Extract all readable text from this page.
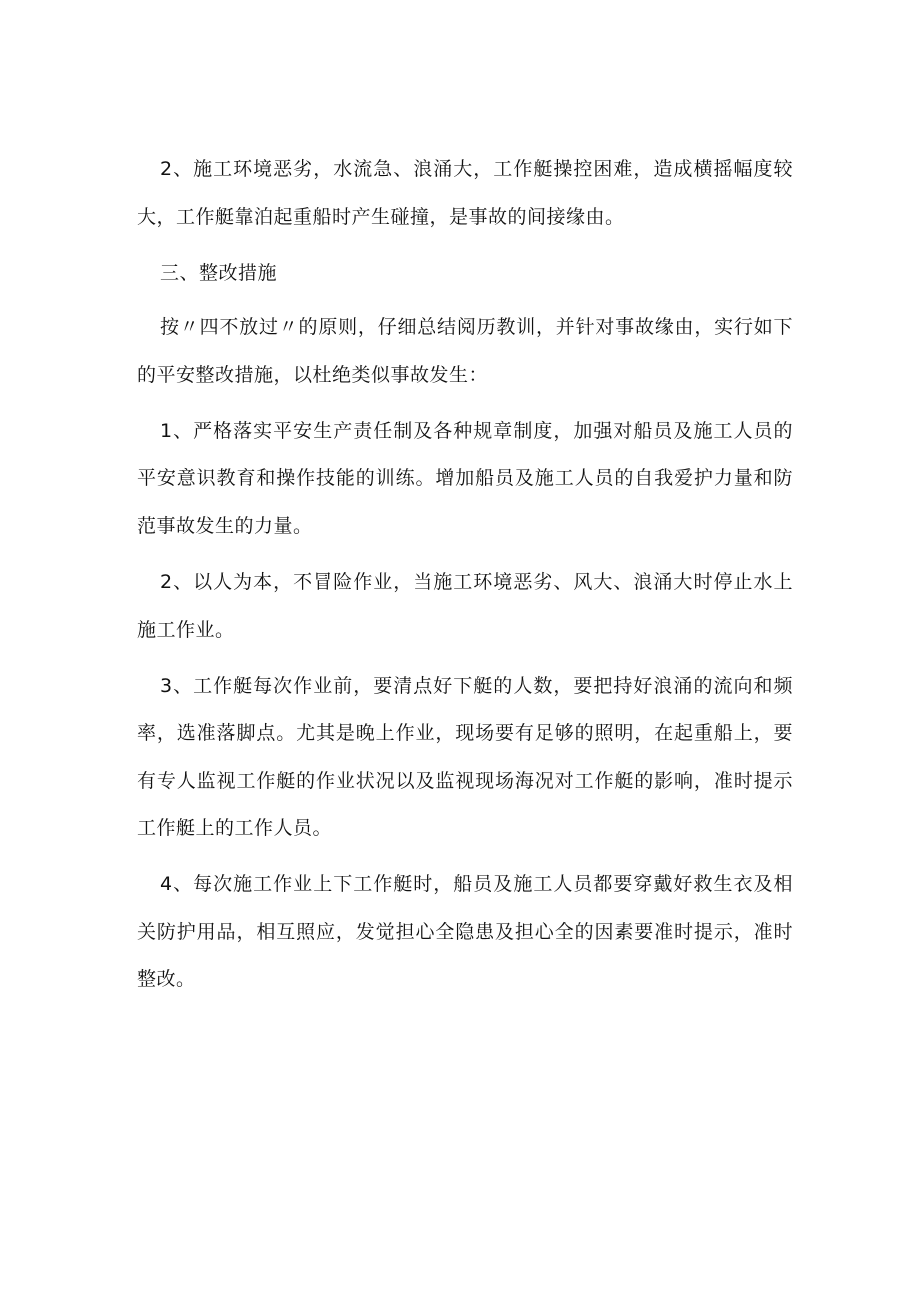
2、施工环境恶劣，水流急、浪涌大，工作艇操控困难，造成横摇幅度较大，工作艇靠泊起重船时产生碰撞，是事故的间接缘由。

三、整改措施

按〃四不放过〃的原则，仔细总结阅历教训，并针对事故缘由，实行如下的平安整改措施，以杜绝类似事故发生：

1、严格落实平安生产责任制及各种规章制度，加强对船员及施工人员的平安意识教育和操作技能的训练。增加船员及施工人员的自我爱护力量和防范事故发生的力量。

2、以人为本，不冒险作业，当施工环境恶劣、风大、浪涌大时停止水上施工作业。

3、工作艇每次作业前，要清点好下艇的人数，要把持好浪涌的流向和频率，选准落脚点。尤其是晚上作业，现场要有足够的照明，在起重船上，要有专人监视工作艇的作业状况以及监视现场海况对工作艇的影响，准时提示工作艇上的工作人员。

4、每次施工作业上下工作艇时，船员及施工人员都要穿戴好救生衣及相关防护用品，相互照应，发觉担心全隐患及担心全的因素要准时提示，准时整改。
